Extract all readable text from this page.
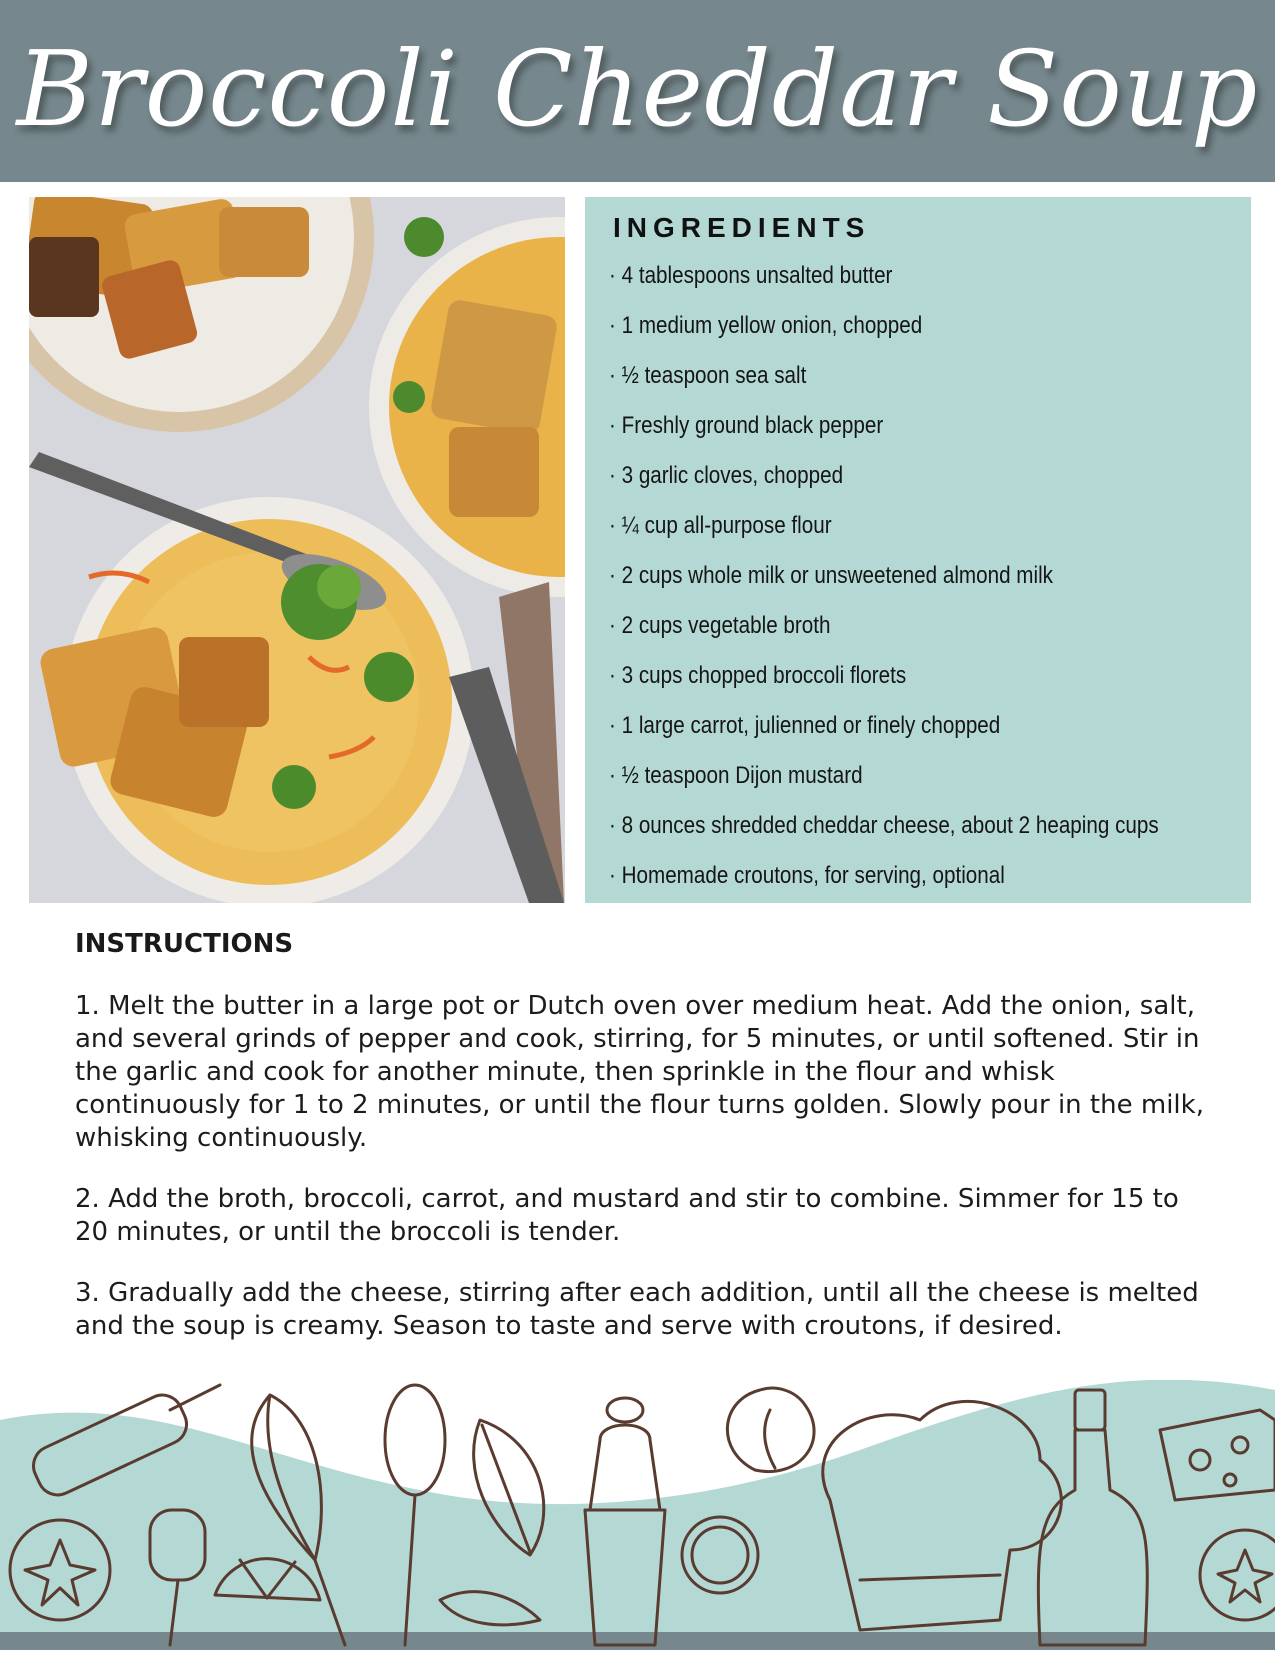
Broccoli Cheddar Soup
INGREDIENTS
· 4 tablespoons unsalted butter
· 1 medium yellow onion, chopped
· ½ teaspoon sea salt
· Freshly ground black pepper
· 3 garlic cloves, chopped
· ¼ cup all-purpose flour
· 2 cups whole milk or unsweetened almond milk
· 2 cups vegetable broth
· 3 cups chopped broccoli florets
· 1 large carrot, julienned or finely chopped
· ½ teaspoon Dijon mustard
· 8 ounces shredded cheddar cheese, about 2 heaping cups
· Homemade croutons, for serving, optional
INSTRUCTIONS

1. Melt the butter in a large pot or Dutch oven over medium heat. Add the onion, salt, and several grinds of pepper and cook, stirring, for 5 minutes, or until softened. Stir in the garlic and cook for another minute, then sprinkle in the flour and whisk continuously for 1 to 2 minutes, or until the flour turns golden. Slowly pour in the milk, whisking continuously.

2. Add the broth, broccoli, carrot, and mustard and stir to combine. Simmer for 15 to 20 minutes, or until the broccoli is tender.

3. Gradually add the cheese, stirring after each addition, until all the cheese is melted and the soup is creamy. Season to taste and serve with croutons, if desired.
